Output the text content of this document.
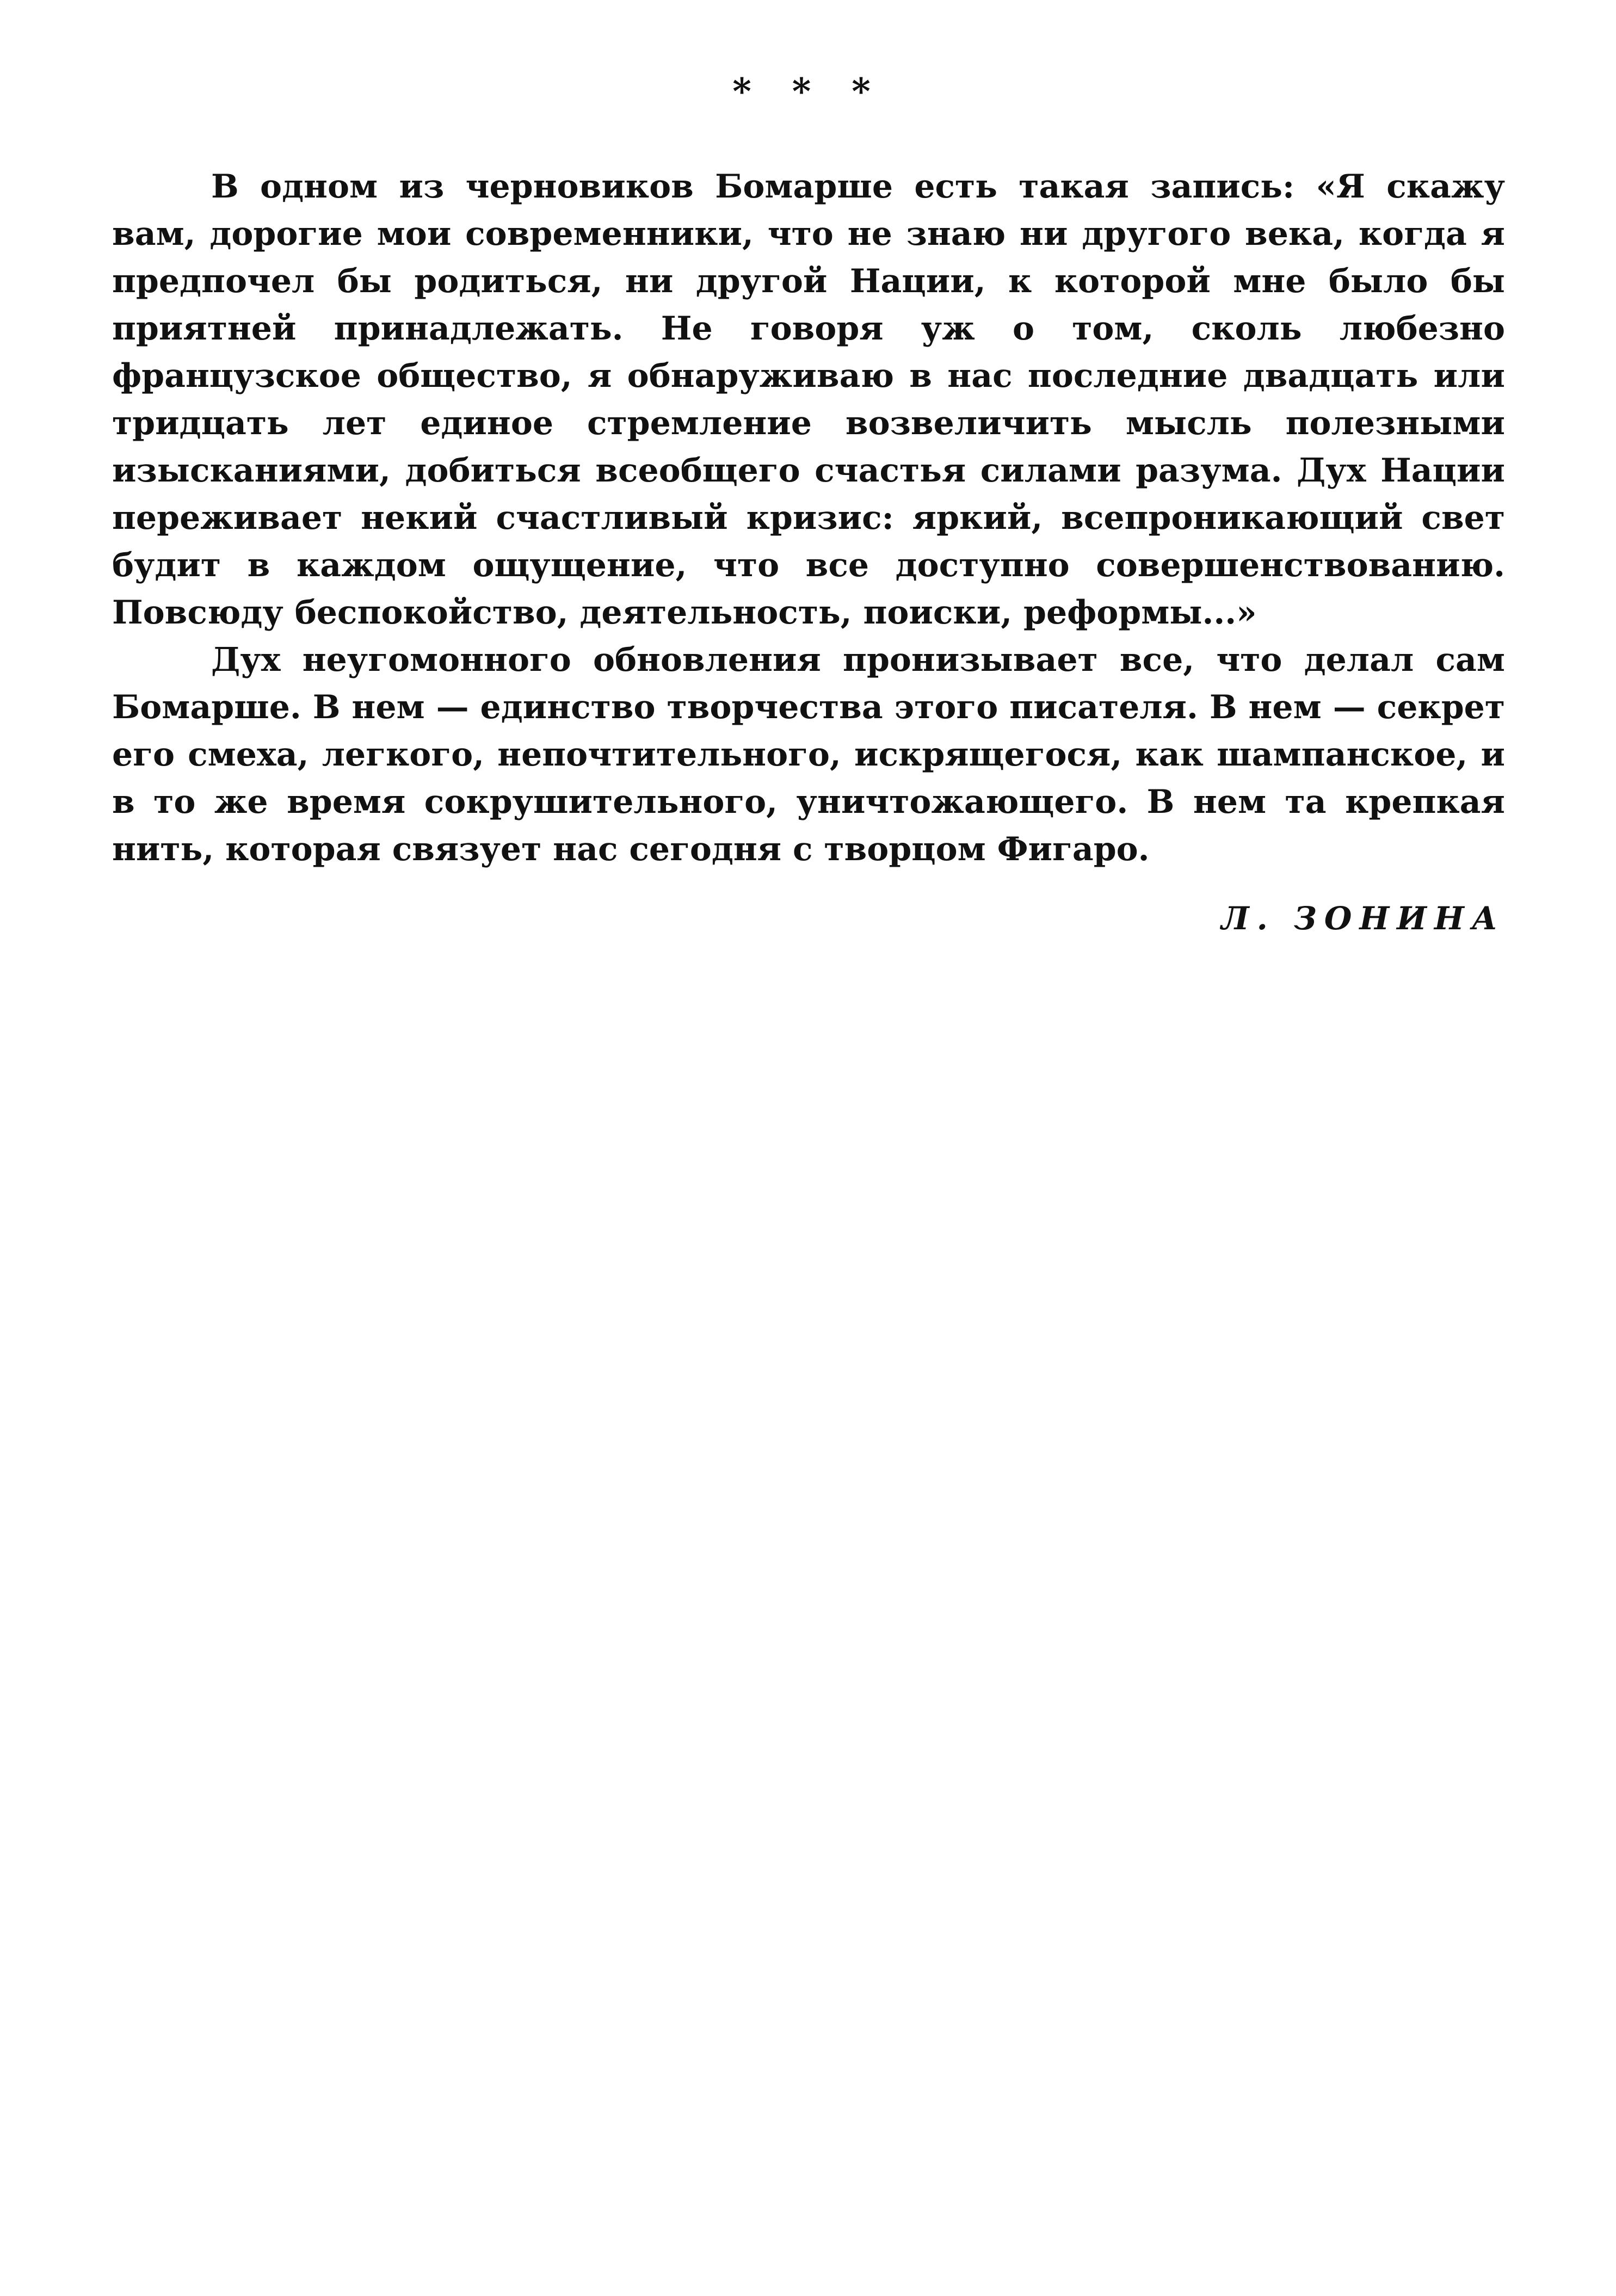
* * *

В одном из черновиков Бомарше есть такая запись: «Я скажу вам, дорогие мои современники, что не знаю ни другого века, когда я предпочел бы родиться, ни другой Нации, к которой мне было бы приятней принадлежать. Не говоря уж о том, сколь любезно французское общество, я обнаруживаю в нас последние двадцать или тридцать лет единое стремление возвеличить мысль полезными изысканиями, добиться всеобщего счастья силами разума. Дух Нации переживает некий счастливый кризис: яркий, всепроникающий свет будит в каждом ощущение, что все доступно совершенствованию. Повсюду беспокойство, деятельность, поиски, реформы...»

Дух неугомонного обновления пронизывает все, что делал сам Бомарше. В нем — единство творчества этого писателя. В нем — секрет его смеха, легкого, непочтительного, искрящегося, как шампанское, и в то же время сокрушительного, уничтожающего. В нем та крепкая нить, которая связует нас сегодня с творцом Фигаро.

Л. ЗОНИНА
